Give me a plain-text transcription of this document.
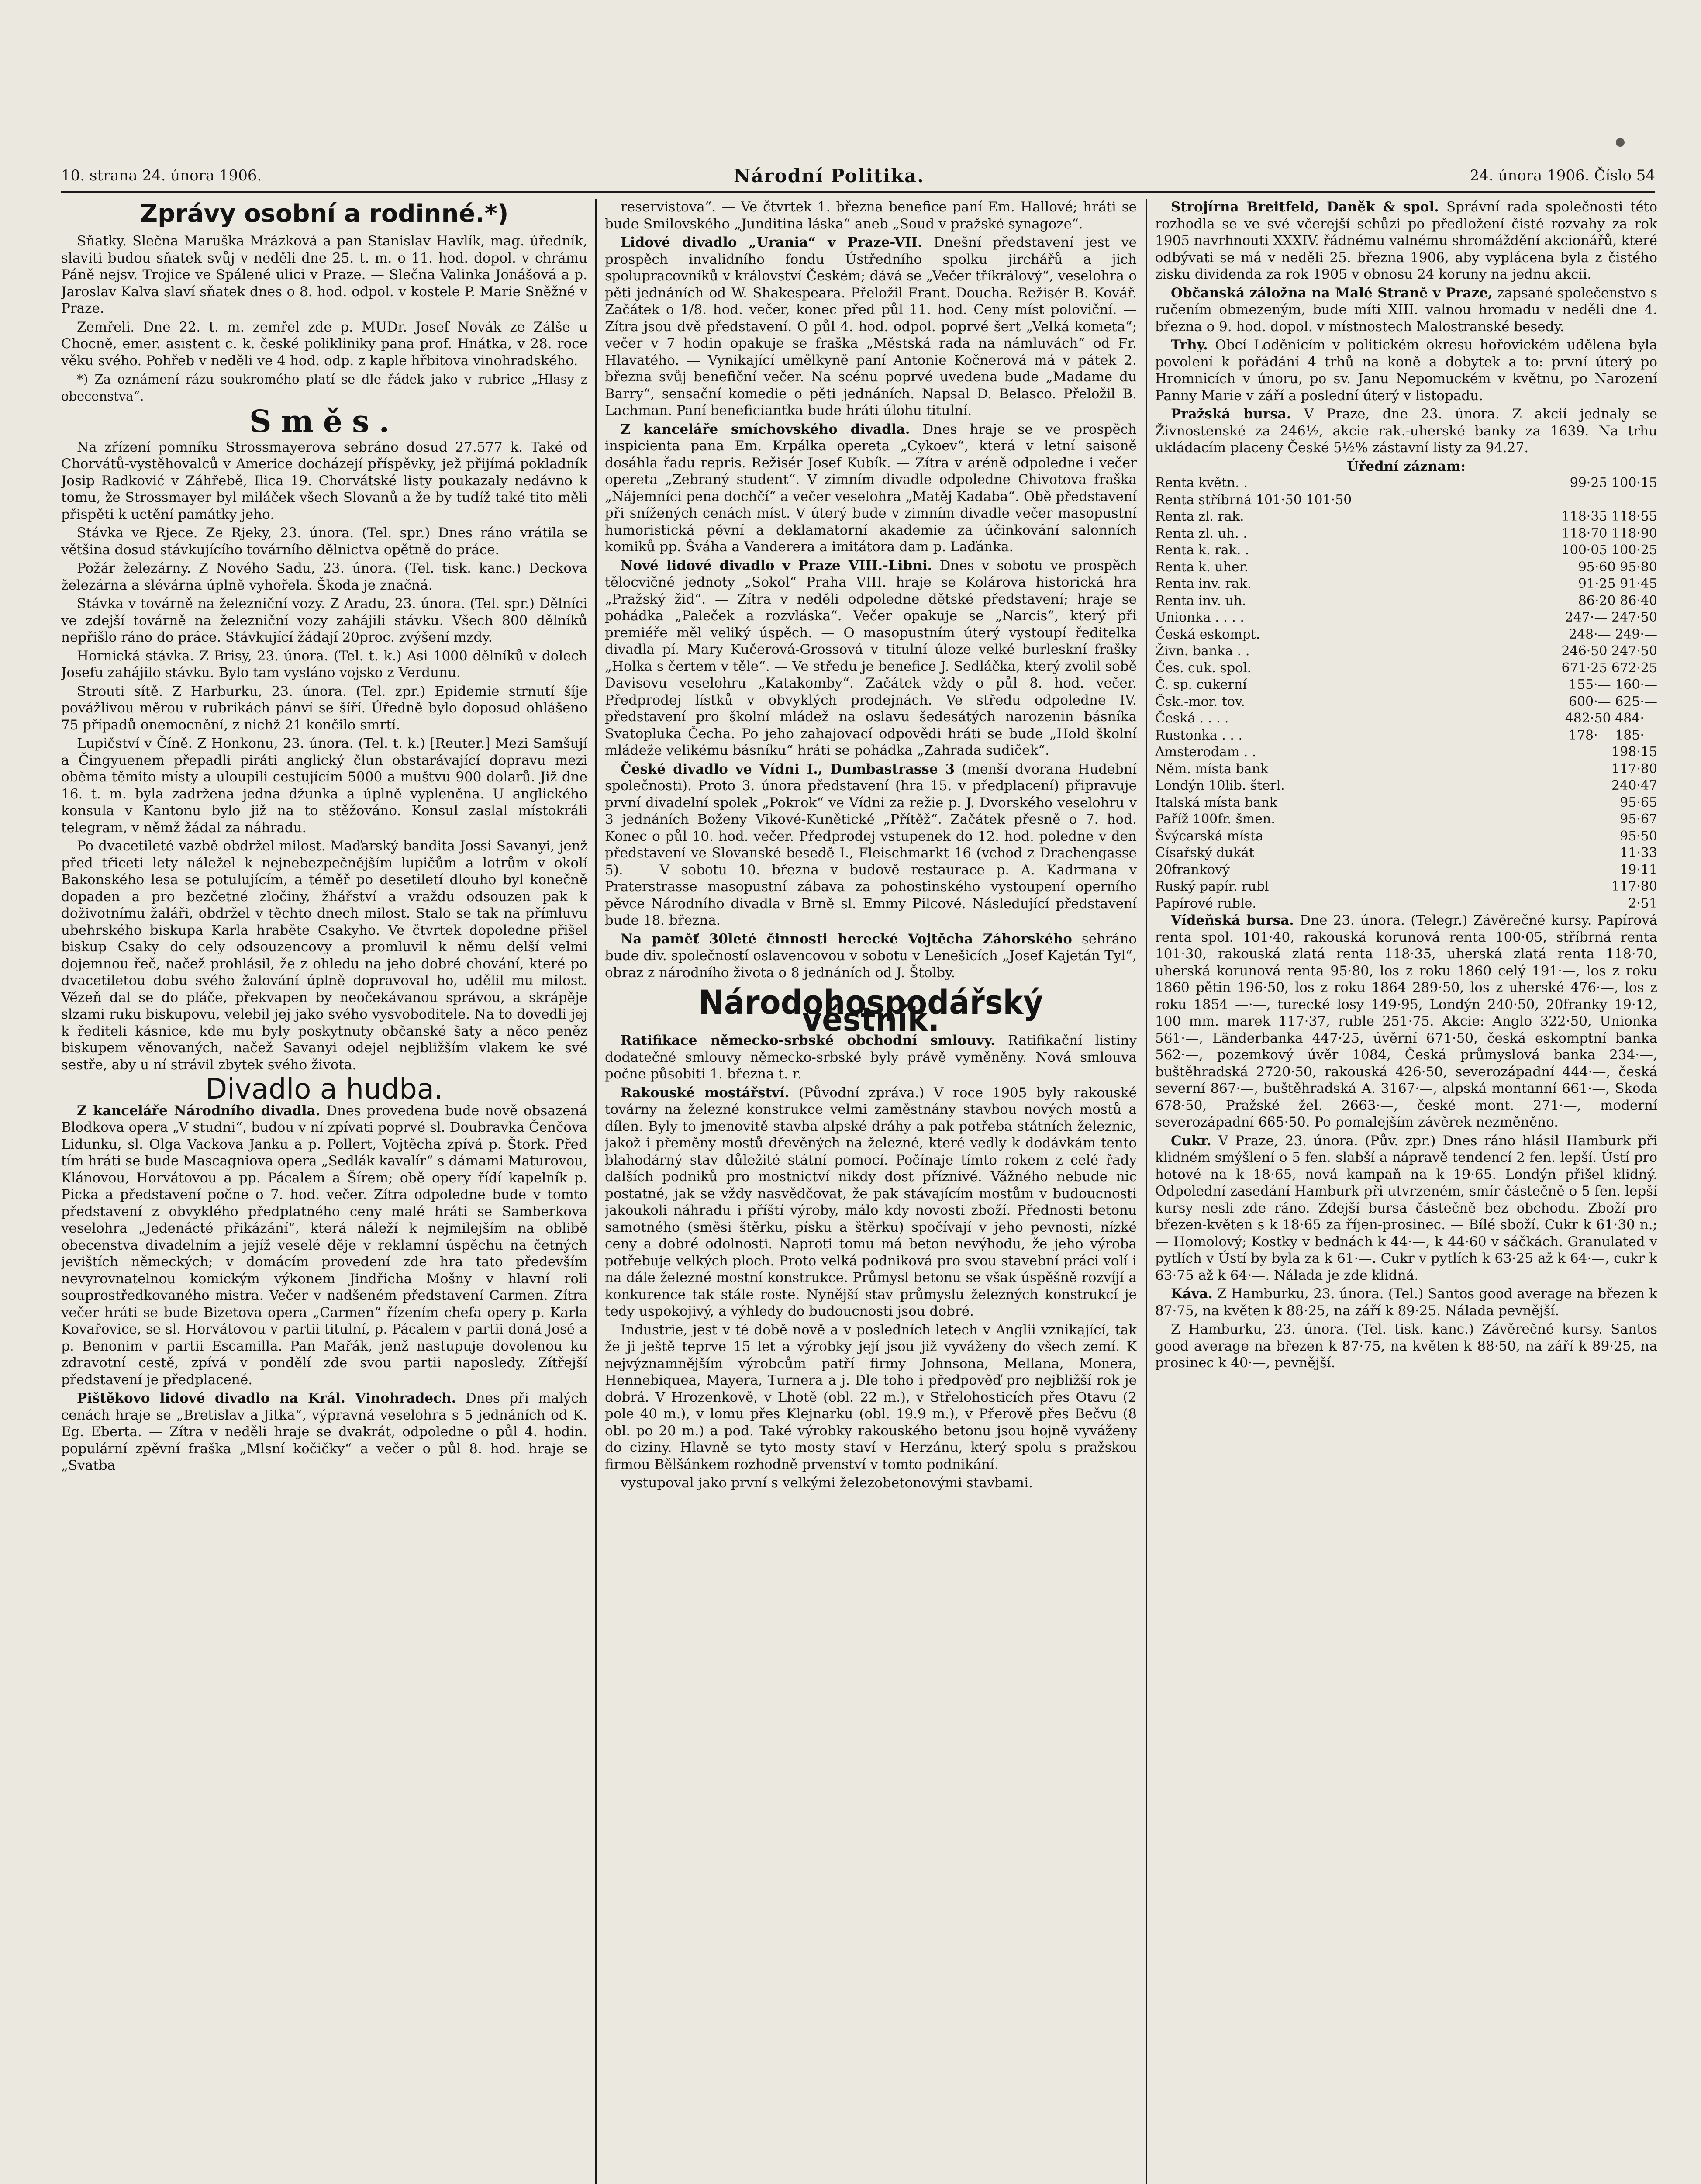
10. strana 24. února 1906.	Národní Politika.	24. února 1906. Číslo 54
Zprávy osobní a rodinné.*)

Sňatky. Slečna Maruška Mrázková a pan Stanislav Havlík, mag. úředník, slaviti budou sňatek svůj v neděli dne 25. t. m. o 11. hod. dopol. v chrámu Páně nejsv. Trojice ve Spálené ulici v Praze. — Slečna Valinka Jonášová a p. Jaroslav Kalva slaví sňatek dnes o 8. hod. odpol. v kostele P. Marie Sněžné v Praze.

Zemřeli. Dne 22. t. m. zemřel zde p. MUDr. Josef Novák ze Zálše u Chocně, emer. asistent c. k. české polikliniky pana prof. Hnátka, v 28. roce věku svého. Pohřeb v neděli ve 4 hod. odp. z kaple hřbitova vinohradského.

*) Za oznámení rázu soukromého platí se dle řádek jako v rubrice „Hlasy z obecenstva“.

Směs.

Na zřízení pomníku Strossmayerova sebráno dosud 27.577 k. Také od Chorvátů-vystěhovalců v Americe docházejí příspěvky, jež přijímá pokladník Josip Radković v Záhřebě, Ilica 19. Chorvátské listy poukazaly nedávno k tomu, že Strossmayer byl miláček všech Slovanů a že by tudíž také tito měli přispěti k uctění památky jeho.

Stávka ve Rjece. Ze Rjeky, 23. února. (Tel. spr.) Dnes ráno vrátila se většina dosud stávkujícího továrního dělnictva opětně do práce.

Požár železárny. Z Nového Sadu, 23. února. (Tel. tisk. kanc.) Deckova železárna a slévárna úplně vyhořela. Škoda je značná.

Stávka v továrně na železniční vozy. Z Aradu, 23. února. (Tel. spr.) Dělníci ve zdejší továrně na železniční vozy zahájili stávku. Všech 800 dělníků nepřišlo ráno do práce. Stávkující žádají 20proc. zvýšení mzdy.

Hornická stávka. Z Brisy, 23. února. (Tel. t. k.) Asi 1000 dělníků v dolech Josefu zahájilo stávku. Bylo tam vysláno vojsko z Verdunu.

Strouti sítě. Z Harburku, 23. února. (Tel. zpr.) Epidemie strnutí šíje povážlivou měrou v rubrikách pánví se šíří. Úředně bylo doposud ohlášeno 75 případů onemocnění, z nichž 21 končilo smrtí.

Lupičství v Číně. Z Honkonu, 23. února. (Tel. t. k.) [Reuter.] Mezi Samšují a Čingyuenem přepadli piráti anglický člun obstarávající dopravu mezi oběma těmito místy a uloupili cestujícím 5000 a muštvu 900 dolarů. Již dne 16. t. m. byla zadržena jedna džunka a úplně vypleněna. U anglického konsula v Kantonu bylo již na to stěžováno. Konsul zaslal místokráli telegram, v němž žádal za náhradu.

Po dvacetileté vazbě obdržel milost. Maďarský bandita Jossi Savanyi, jenž před třiceti lety náležel k nejnebezpečnějším lupičům a lotrům v okolí Bakonského lesa se potulujícím, a téměř po desetiletí dlouho byl konečně dopaden a pro bezčetné zločiny, žhářství a vraždu odsouzen pak k doživotnímu žaláři, obdržel v těchto dnech milost. Stalo se tak na přímluvu ubehrského biskupa Karla hraběte Csakyho. Ve čtvrtek dopoledne přišel biskup Csaky do cely odsouzencovy a promluvil k němu delší velmi dojemnou řeč, načež prohlásil, že z ohledu na jeho dobré chování, které po dvacetiletou dobu svého žalování úplně dopravoval ho, udělil mu milost. Vězeň dal se do pláče, překvapen by neočekávanou správou, a skrápěje slzami ruku biskupovu, velebil jej jako svého vysvoboditele. Na to dovedli jej k řediteli kásnice, kde mu byly poskytnuty občanské šaty a něco peněz biskupem věnovaných, načež Savanyi odejel nejbližším vlakem ke své sestře, aby u ní strávil zbytek svého života.

Divadlo a hudba.

Z kanceláře Národního divadla. Dnes provedena bude nově obsazená Blodkova opera „V studni“, budou v ní zpívati poprvé sl. Doubravka Čenčova Lidunku, sl. Olga Vackova Janku a p. Pollert, Vojtěcha zpívá p. Štork. Před tím hráti se bude Mascagniova opera „Sedlák kavalír“ s dámami Maturovou, Klánovou, Horvátovou a pp. Pácalem a Šírem; obě opery řídí kapelník p. Picka a představení počne o 7. hod. večer. Zítra odpoledne bude v tomto představení z obvyklého předplatného ceny malé hráti se Samberkova veselohra „Jedenácté přikázání“, která náleží k nejmilejším na oblibě obecenstva divadelním a jejíž veselé děje v reklamní úspěchu na četných jevištích německých; v domácím provedení zde hra tato především nevyrovnatelnou komickým výkonem Jindřicha Mošny v hlavní roli souprostředkovaného mistra. Večer v nadšeném představení Carmen. Zítra večer hráti se bude Bizetova opera „Carmen“ řízením chefa opery p. Karla Kovařovice, se sl. Horvátovou v partii titulní, p. Pácalem v partii doná José a p. Benonim v partii Escamilla. Pan Mařák, jenž nastupuje dovolenou ku zdravotní cestě, zpívá v pondělí zde svou partii naposledy. Zítřejší představení je předplacené.

Pištěkovo lidové divadlo na Král. Vinohradech. Dnes při malých cenách hraje se „Bretislav a Jitka“, výpravná veselohra s 5 jednáních od K. Eg. Eberta. — Zítra v neděli hraje se dvakrát, odpoledne o půl 4. hodin. populární zpěvní fraška „Mlsní kočičky“ a večer o půl 8. hod. hraje se „Svatba

reservistova“. — Ve čtvrtek 1. března benefice paní Em. Hallové; hráti se bude Smilovského „Junditina láska“ aneb „Soud v pražské synagoze“.

Lidové divadlo „Urania“ v Praze-VII. Dnešní představení jest ve prospěch invalidního fondu Ústředního spolku jirchářů a jich spolupracovníků v království Českém; dává se „Večer tříkrálový“, veselohra o pěti jednáních od W. Shakespeara. Přeložil Frant. Doucha. Režisér B. Kovář. Začátek o 1/8. hod. večer, konec před půl 11. hod. Ceny míst poloviční. — Zítra jsou dvě představení. O půl 4. hod. odpol. poprvé šert „Velká kometa“; večer v 7 hodin opakuje se fraška „Městská rada na námluvách“ od Fr. Hlavatého. — Vynikající umělkyně paní Antonie Kočnerová má v pátek 2. března svůj benefiční večer. Na scénu poprvé uvedena bude „Madame du Barry“, sensační komedie o pěti jednáních. Napsal D. Belasco. Přeložil B. Lachman. Paní beneficiantka bude hráti úlohu titulní.

Z kanceláře smíchovského divadla. Dnes hraje se ve prospěch inspicienta pana Em. Krpálka opereta „Cykoev“, která v letní saisoně dosáhla řadu repris. Režisér Josef Kubík. — Zítra v aréně odpoledne i večer opereta „Zebraný student“. V zimním divadle odpoledne Chivotova fraška „Nájemníci pena dochčí“ a večer veselohra „Matěj Kadaba“. Obě představení při snížených cenách míst. V úterý bude v zimním divadle večer masopustní humoristická pěvní a deklamatorní akademie za účinkování salonních komiků pp. Šváha a Vanderera a imitátora dam p. Laďánka.

Nové lidové divadlo v Praze VIII.-Libni. Dnes v sobotu ve prospěch tělocvičné jednoty „Sokol“ Praha VIII. hraje se Kolárova historická hra „Pražský žid“. — Zítra v neděli odpoledne dětské představení; hraje se pohádka „Paleček a rozvláska“. Večer opakuje se „Narcis“, který při premiéře měl veliký úspěch. — O masopustním úterý vystoupí ředitelka divadla pí. Mary Kučerová-Grossová v titulní úloze velké burleskní frašky „Holka s čertem v těle“. — Ve středu je benefice J. Sedláčka, který zvolil sobě Davisovu veselohru „Katakomby“. Začátek vždy o půl 8. hod. večer. Předprodej lístků v obvyklých prodejnách. Ve středu odpoledne IV. představení pro školní mládež na oslavu šedesátých narozenin básníka Svatopluka Čecha. Po jeho zahajovací odpovědi hráti se bude „Hold školní mládeže velikému básníku“ hráti se pohádka „Zahrada sudiček“.

České divadlo ve Vídni I., Dumbastrasse 3 (menší dvorana Hudební společnosti). Proto 3. února představení (hra 15. v předplacení) připravuje první divadelní spolek „Pokrok“ ve Vídni za režie p. J. Dvorského veselohru v 3 jednáních Boženy Vikové-Kunětické „Přítěž“. Začátek přesně o 7. hod. Konec o půl 10. hod. večer. Předprodej vstupenek do 12. hod. poledne v den představení ve Slovanské besedě I., Fleischmarkt 16 (vchod z Drachengasse 5). — V sobotu 10. března v budově restaurace p. A. Kadrmana v Praterstrasse masopustní zábava za pohostinského vystoupení operního pěvce Národního divadla v Brně sl. Emmy Pilcové. Následující představení bude 18. března.

Na paměť 30leté činnosti herecké Vojtěcha Záhorského sehráno bude div. společností oslavencovou v sobotu v Lenešicích „Josef Kajetán Tyl“, obraz z národního života o 8 jednáních od J. Štolby.

Národohospodářský věstník.

Ratifikace německo-srbské obchodní smlouvy. Ratifikační listiny dodatečné smlouvy německo-srbské byly právě vyměněny. Nová smlouva počne působiti 1. března t. r.

Rakouské mostářství. (Původní zpráva.) V roce 1905 byly rakouské továrny na železné konstrukce velmi zaměstnány stavbou nových mostů a dílen. Byly to jmenovitě stavba alpské dráhy a pak potřeba státních železnic, jakož i přeměny mostů dřevěných na železné, které vedly k dodávkám tento blahodárný stav důležité státní pomocí. Počínaje tímto rokem z celé řady dalších podniků pro mostnictví nikdy dost příznivé. Vážného nebude nic postatné, jak se vždy nasvědčovat, že pak stávajícím mostům v budoucnosti jakoukoli náhradu i příští výroby, málo kdy novosti zboží. Přednosti betonu samotného (směsi štěrku, písku a štěrku) spočívají v jeho pevnosti, nízké ceny a dobré odolnosti. Naproti tomu má beton nevýhodu, že jeho výroba potřebuje velkých ploch. Proto velká podniková pro svou stavební práci volí i na dále železné mostní konstrukce. Průmysl betonu se však úspěšně rozvíjí a konkurence tak stále roste. Nynější stav průmyslu železných konstrukcí je tedy uspokojivý, a výhledy do budoucnosti jsou dobré.

Industrie, jest v té době nově a v posledních letech v Anglii vznikající, tak že ji ještě teprve 15 let a výrobky její jsou již vyváženy do všech zemí. K nejvýznamnějším výrobcům patří firmy Johnsona, Mellana, Monera, Hennebiquea, Mayera, Turnera a j. Dle toho i předpověď pro nejbližší rok je dobrá. V Hrozenkově, v Lhotě (obl. 22 m.), v Střelohosticích přes Otavu (2 pole 40 m.), v lomu přes Klejnarku (obl. 19.9 m.), v Přerově přes Bečvu (8 obl. po 20 m.) a pod. Také výrobky rakouského betonu jsou hojně vyváženy do ciziny. Hlavně se tyto mosty staví v Herzánu, který spolu s pražskou firmou Bělšánkem rozhodně prvenství v tomto podnikání.

vystupoval jako první s velkými železobetonovými stavbami.

Strojírna Breitfeld, Daněk & spol. Správní rada společnosti této rozhodla se ve své včerejší schůzi po předložení čisté rozvahy za rok 1905 navrhnouti XXXIV. řádnému valnému shromáždění akcionářů, které odbývati se má v neděli 25. března 1906, aby vyplácena byla z čistého zisku dividenda za rok 1905 v obnosu 24 koruny na jednu akcii.

Občanská záložna na Malé Straně v Praze, zapsané společenstvo s ručením obmezeným, bude míti XIII. valnou hromadu v neděli dne 4. března o 9. hod. dopol. v místnostech Malostranské besedy.

Trhy. Obcí Loděnicím v politickém okresu hořovickém udělena byla povolení k pořádání 4 trhů na koně a dobytek a to: první úterý po Hromnicích v únoru, po sv. Janu Nepomuckém v květnu, po Narození Panny Marie v září a poslední úterý v listopadu.

Pražská bursa. V Praze, dne 23. února. Z akcií jednaly se Živnostenské za 246½, akcie rak.-uherské banky za 1639. Na trhu ukládacím placeny České 5½% zástavní listy za 94.27.

Úřední záznam:
Renta květn. .	99·25 100·15
Renta stříbrná 101·50 101·50
Renta zl. rak.	118·35 118·55
Renta zl. uh. .	118·70 118·90
Renta k. rak. .	100·05 100·25
Renta k. uher.	95·60 95·80
Renta inv. rak.	91·25 91·45
Renta inv. uh.	86·20 86·40
Unionka . . . .	247·— 247·50
Česká eskompt.	248·— 249·—
Živn. banka . .	246·50 247·50
Čes. cuk. spol.	671·25 672·25
Č. sp. cukerní	155·— 160·—
Čsk.-mor. tov.	600·— 625·—
Česká . . . .	482·50 484·—
Rustonka . . .	178·— 185·—
Amsterodam . .	198·15
Něm. místa bank	117·80
Londýn 10lib. šterl.	240·47
Italská místa bank	95·65
Paříž 100fr. šmen.	95·67
Švýcarská místa	95·50
Císařský dukát	11·33
20frankový	19·11
Ruský papír. rubl	117·80
Papírové ruble.	2·51

Vídeňská bursa. Dne 23. února. (Telegr.) Závěrečné kursy. Papírová renta spol. 101·40, rakouská korunová renta 100·05, stříbrná renta 101·30, rakouská zlatá renta 118·35, uherská zlatá renta 118·70, uherská korunová renta 95·80, los z roku 1860 celý 191·—, los z roku 1860 pětin 196·50, los z roku 1864 289·50, los z uherské 476·—, los z roku 1854 —·—, turecké losy 149·95, Londýn 240·50, 20franky 19·12, 100 mm. marek 117·37, ruble 251·75. Akcie: Anglo 322·50, Unionka 561·—, Länderbanka 447·25, úvěrní 671·50, česká eskomptní banka 562·—, pozemkový úvěr 1084, Česká průmyslová banka 234·—, buštěhradská 2720·50, rakouská 426·50, severozápadní 444·—, česká severní 867·—, buštěhradská A. 3167·—, alpská montanní 661·—, Skoda 678·50, Pražské žel. 2663·—, české mont. 271·—, moderní severozápadní 665·50. Po pomalejším závěrek nezměněno.

Cukr. V Praze, 23. února. (Pův. zpr.) Dnes ráno hlásil Hamburk při klidném smýšlení o 5 fen. slabší a nápravě tendencí 2 fen. lepší. Ústí pro hotové na k 18·65, nová kampaň na k 19·65. Londýn přišel klidný. Odpolední zasedání Hamburk při utvrzeném, smír částečně o 5 fen. lepší kursy nesli zde ráno. Zdejší bursa částečně bez obchodu. Zboží pro březen-květen s k 18·65 za říjen-prosinec. — Bílé sboží. Cukr k 61·30 n.; — Homolový; Kostky v bednách k 44·—, k 44·60 v sáčkách. Granulated v pytlích v Ústí by byla za k 61·—. Cukr v pytlích k 63·25 až k 64·—, cukr k 63·75 až k 64·—. Nálada je zde klidná.

Káva. Z Hamburku, 23. února. (Tel.) Santos good average na březen k 87·75, na květen k 88·25, na září k 89·25. Nálada pevnější.

Z Hamburku, 23. února. (Tel. tisk. kanc.) Závěrečné kursy. Santos good average na březen k 87·75, na květen k 88·50, na září k 89·25, na prosinec k 40·—, pevnější.
